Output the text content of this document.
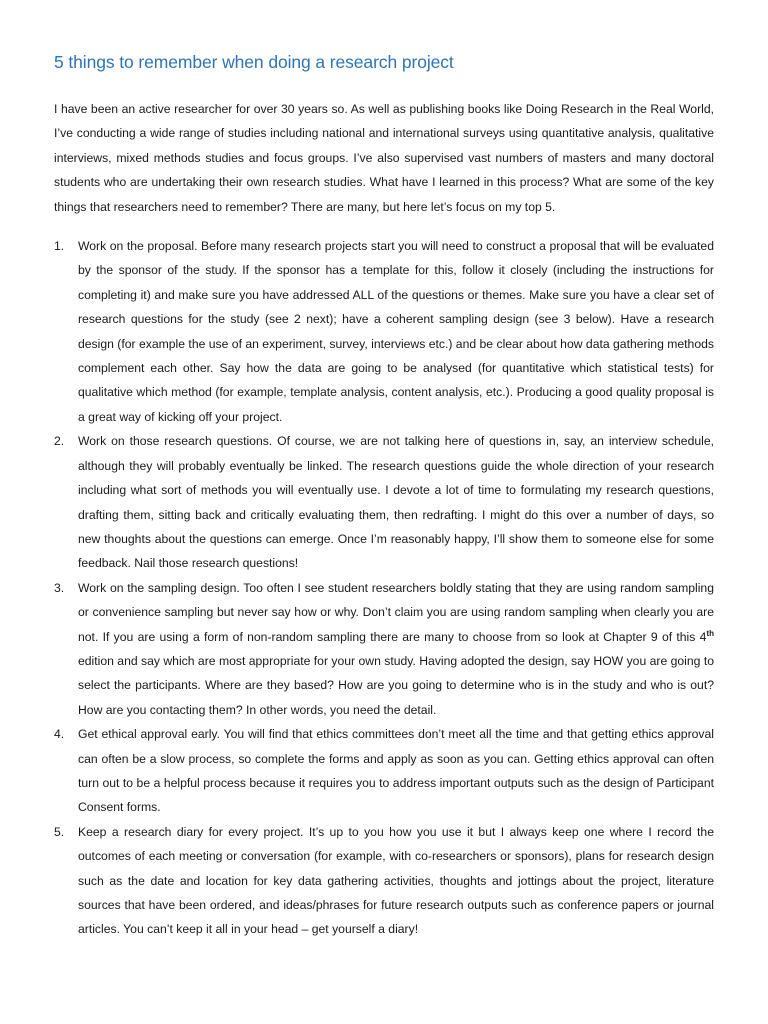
5 things to remember when doing a research project

I have been an active researcher for over 30 years so. As well as publishing books like Doing Research in the Real World, I’ve conducting a wide range of studies including national and international surveys using quantitative analysis, qualitative interviews, mixed methods studies and focus groups. I’ve also supervised vast numbers of masters and many doctoral students who are undertaking their own research studies. What have I learned in this process? What are some of the key things that researchers need to remember? There are many, but here let’s focus on my top 5.

1. Work on the proposal. Before many research projects start you will need to construct a proposal that will be evaluated by the sponsor of the study. If the sponsor has a template for this, follow it closely (including the instructions for completing it) and make sure you have addressed ALL of the questions or themes. Make sure you have a clear set of research questions for the study (see 2 next); have a coherent sampling design (see 3 below). Have a research design (for example the use of an experiment, survey, interviews etc.) and be clear about how data gathering methods complement each other. Say how the data are going to be analysed (for quantitative which statistical tests) for qualitative which method (for example, template analysis, content analysis, etc.). Producing a good quality proposal is a great way of kicking off your project.
2. Work on those research questions. Of course, we are not talking here of questions in, say, an interview schedule, although they will probably eventually be linked. The research questions guide the whole direction of your research including what sort of methods you will eventually use. I devote a lot of time to formulating my research questions, drafting them, sitting back and critically evaluating them, then redrafting. I might do this over a number of days, so new thoughts about the questions can emerge. Once I’m reasonably happy, I’ll show them to someone else for some feedback. Nail those research questions!
3. Work on the sampling design. Too often I see student researchers boldly stating that they are using random sampling or convenience sampling but never say how or why. Don’t claim you are using random sampling when clearly you are not. If you are using a form of non-random sampling there are many to choose from so look at Chapter 9 of this 4th edition and say which are most appropriate for your own study. Having adopted the design, say HOW you are going to select the participants. Where are they based? How are you going to determine who is in the study and who is out? How are you contacting them? In other words, you need the detail.
4. Get ethical approval early. You will find that ethics committees don’t meet all the time and that getting ethics approval can often be a slow process, so complete the forms and apply as soon as you can. Getting ethics approval can often turn out to be a helpful process because it requires you to address important outputs such as the design of Participant Consent forms.
5. Keep a research diary for every project. It’s up to you how you use it but I always keep one where I record the outcomes of each meeting or conversation (for example, with co-researchers or sponsors), plans for research design such as the date and location for key data gathering activities, thoughts and jottings about the project, literature sources that have been ordered, and ideas/phrases for future research outputs such as conference papers or journal articles. You can’t keep it all in your head – get yourself a diary!
